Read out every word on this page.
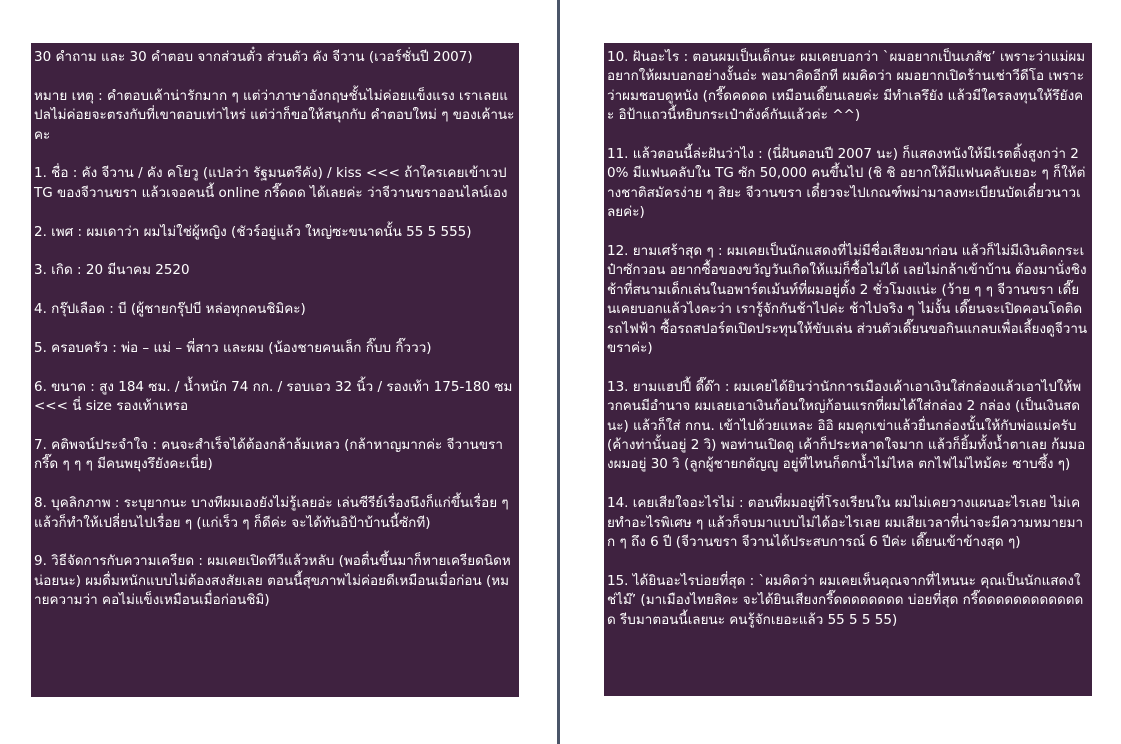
30 คำถาม และ 30 คำตอบ จากส่วนตั๋ว ส่วนตัว คัง จีวาน (เวอร์ชั่นปี 2007)

หมาย เหตุ : คำตอบเค้าน่ารักมาก ๆ แต่ว่าภาษาอังกฤษชั้นไม่ค่อยแข็งแรง เราเลยแปลไม่ค่อยจะตรงกับที่เขาตอบเท่าไหร่ แต่ว่าก็ขอให้สนุกกับ คำตอบใหม่ ๆ ของเค้านะคะ

1. ชื่อ : คัง จีวาน / คัง คโยวู (แปลว่า รัฐมนตรีคัง) / kiss <<< ถ้าใครเคยเข้าเวป TG ของจีวานขรา แล้วเจอคนนี้ online กรี๊ดดด ได้เลยค่ะ ว่าจีวานขราออนไลน์เอง

2. เพศ : ผมเดาว่า ผมไม่ใช่ผู้หญิง (ชัวร์อยู่แล้ว ใหญ่ซะขนาดนั้น 55 5 555)

3. เกิด : 20 มีนาคม 2520

4. กรุ๊ปเลือด : บี (ผู้ชายกรุ๊ปบี หล่อทุกคนชิมิคะ)

5. ครอบครัว : พ่อ – แม่ – พี่สาว และผม (น้องชายคนเล็ก กิ๊บบ กิ๊ววว)

6. ขนาด : สูง 184 ซม. / น้ำหนัก 74 กก. / รอบเอว 32 นิ้ว / รองเท้า 175-180 ซม <<< นี่ size รองเท้าเหรอ

7. คติพจน์ประจำใจ : คนจะสำเร็จได้ต้องกล้าล้มเหลว (กล้าหาญมากค่ะ จีวานขรา กรี๊ด ๆ ๆ ๆ มีคนพยุงรึยังคะเนี่ย)

8. บุคลิกภาพ : ระบุยากนะ บางทีผมเองยังไม่รู้เลยอ่ะ เล่นซีรีย์เรื่องนึงก็แก่ขึ้นเรื่อย ๆ แล้วก็ทำให้เปลี่ยนไปเรื่อย ๆ (แก่เร็ว ๆ ก็ดีค่ะ จะได้ทันอิป้าบ้านนี้ซักที)

9. วิธีจัดการกับความเครียด : ผมเคยเปิดทีวีแล้วหลับ (พอตื่นขึ้นมาก็หายเครียดนิดหน่อยนะ) ผมดื่มหนักแบบไม่ต้องสงสัยเลย ตอนนี้สุขภาพไม่ค่อยดีเหมือนเมื่อก่อน (หมายความว่า คอไม่แข็งเหมือนเมื่อก่อนชิมิ)

10. ฝันอะไร : ตอนผมเป็นเด็กนะ ผมเคยบอกว่า `ผมอยากเป็นเภสัช’ เพราะว่าแม่ผมอยากให้ผมบอกอย่างงั้นอ่ะ พอมาคิดอีกที ผมคิดว่า ผมอยากเปิดร้านเช่าวีดีโอ เพราะว่าผมชอบดูหนัง (กรี๊ดคดดด เหมือนเดี๊ยนเลยค่ะ มีทำเลรึยัง แล้วมีใครลงทุนให้รึยังคะ อิป้าแถวนี้หยิบกระเป๋าตังค์กันแล้วค่ะ ^^)

11. แล้วตอนนี้ล่ะฝันว่าไง : (นี่ฝันตอนปี 2007 นะ) ก็แสดงหนังให้มีเรตติ้งสูงกว่า 20% มีแฟนคลับใน TG ซัก 50,000 คนขึ้นไป (ชิ ชิ อยากให้มีแฟนคลับเยอะ ๆ ก็ให้ต่างชาติสมัครง่าย ๆ สิยะ จีวานขรา เดี๋ยวจะไปเกณฑ์พม่ามาลงทะเบียนบัดเดี๋ยวนาวเลยค่ะ)

12. ยามเศร้าสุด ๆ : ผมเคยเป็นนักแสดงที่ไม่มีชื่อเสียงมาก่อน แล้วก็ไม่มีเงินติดกระเป๋าซักวอน อยากซื้อของขวัญวันเกิดให้แม่ก็ซื้อไม่ได้ เลยไม่กล้าเข้าบ้าน ต้องมานั่งชิงช้าที่สนามเด็กเล่นในอพาร์ตเม้นท์ที่ผมอยู่ตั้ง 2 ชั่วโมงแน่ะ (ว้าย ๆ ๆ จีวานขรา เดี๊ยนเคยบอกแล้วไงคะว่า เรารู้จักกันช้าไปค่ะ ช้าไปจริง ๆ ไม่งั้น เดี๊ยนจะเปิดคอนโดติดรถไฟฟ้า ซื้อรถสปอร์ตเปิดประทุนให้ขับเล่น ส่วนตัวเดี๊ยนขอกินแกลบเพื่อเลี้ยงดูจีวานขราค่ะ)

13. ยามแฮปปี้ ดี๊ด๊า : ผมเคยได้ยินว่านักการเมืองเค้าเอาเงินใส่กล่องแล้วเอาไปให้พวกคนมีอำนาจ ผมเลยเอาเงินก้อนใหญ่ก้อนแรกที่ผมได้ใส่กล่อง 2 กล่อง (เป็นเงินสดนะ) แล้วก็ใส่ กกน. เข้าไปด้วยแหละ อิอิ ผมคุกเข่าแล้วยื่นกล่องนั้นให้กับพ่อแม่ครับ (ค้างท่านั้นอยู่ 2 วิ) พอท่านเปิดดู เค้าก็ประหลาดใจมาก แล้วก็ยิ้มทั้งน้ำตาเลย ก้มมองผมอยู่ 30 วิ (ลูกผู้ชายกตัญญู อยู่ที่ไหนก็ตกน้ำไม่ไหล ตกไฟไม่ไหม้คะ ซาบซึ้ง ๆ)

14. เคยเสียใจอะไรไม่ : ตอนที่ผมอยู่ที่โรงเรียนใน ผมไม่เคยวางแผนอะไรเลย ไม่เคยทำอะไรพิเศษ ๆ แล้วก็จบมาแบบไม่ได้อะไรเลย ผมเสียเวลาที่น่าจะมีความหมายมาก ๆ ถึง 6 ปี (จีวานขรา จีวานได้ประสบการณ์ 6 ปีค่ะ เดี๊ยนเข้าข้างสุด ๆ)

15. ได้ยินอะไรบ่อยที่สุด : `ผมคิดว่า ผมเคยเห็นคุณจากที่ไหนนะ คุณเป็นนักแสดงใช่ไม๊’ (มาเมืองไทยสิคะ จะได้ยินเสียงกรี๊ดดดดดดดด บ่อยที่สุด กรี๊ดดดดดดดดดดดดด รีบมาตอนนี้เลยนะ คนรู้จักเยอะแล้ว 55 5 5 55)
